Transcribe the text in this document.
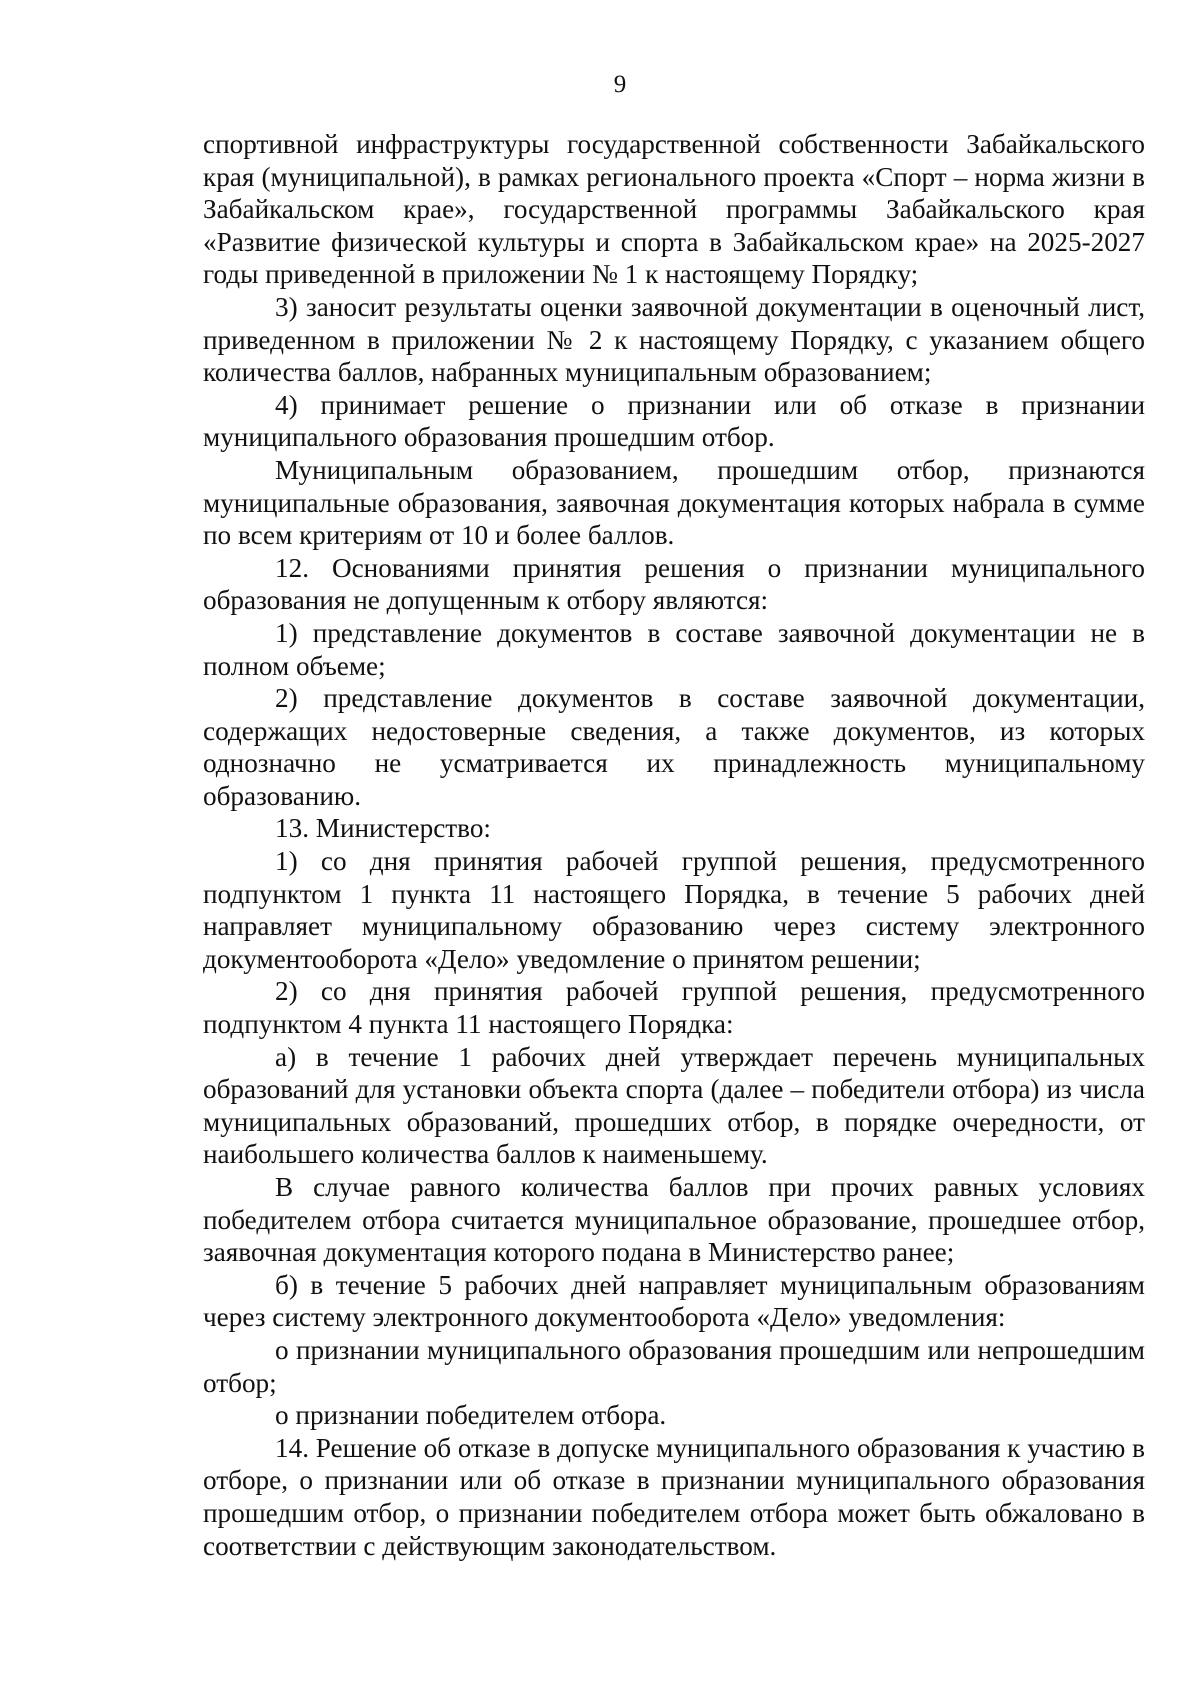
9

спортивной инфраструктуры государственной собственности Забайкальского края (муниципальной), в рамках регионального проекта «Спорт – норма жизни в Забайкальском крае», государственной программы Забайкальского края «Развитие физической культуры и спорта в Забайкальском крае» на 2025-2027 годы приведенной в приложении № 1 к настоящему Порядку;

3) заносит результаты оценки заявочной документации в оценочный лист, приведенном в приложении № 2 к настоящему Порядку, с указанием общего количества баллов, набранных муниципальным образованием;

4) принимает решение о признании или об отказе в признании муниципального образования прошедшим отбор.

Муниципальным образованием, прошедшим отбор, признаются муниципальные образования, заявочная документация которых набрала в сумме по всем критериям от 10 и более баллов.

12. Основаниями принятия решения о признании муниципального образования не допущенным к отбору являются:

1) представление документов в составе заявочной документации не в полном объеме;

2) представление документов в составе заявочной документации, содержащих недостоверные сведения, а также документов, из которых однозначно не усматривается их принадлежность муниципальному образованию.

13. Министерство:

1) со дня принятия рабочей группой решения, предусмотренного подпунктом 1 пункта 11 настоящего Порядка, в течение 5 рабочих дней направляет муниципальному образованию через систему электронного документооборота «Дело» уведомление о принятом решении;

2) со дня принятия рабочей группой решения, предусмотренного подпунктом 4 пункта 11 настоящего Порядка:

а) в течение 1 рабочих дней утверждает перечень муниципальных образований для установки объекта спорта (далее – победители отбора) из числа муниципальных образований, прошедших отбор, в порядке очередности, от наибольшего количества баллов к наименьшему.

В случае равного количества баллов при прочих равных условиях победителем отбора считается муниципальное образование, прошедшее отбор, заявочная документация которого подана в Министерство ранее;

б) в течение 5 рабочих дней направляет муниципальным образованиям через систему электронного документооборота «Дело» уведомления:

о признании муниципального образования прошедшим или непрошедшим отбор;

о признании победителем отбора.

14. Решение об отказе в допуске муниципального образования к участию в отборе, о признании или об отказе в признании муниципального образования прошедшим отбор, о признании победителем отбора может быть обжаловано в соответствии с действующим законодательством.
